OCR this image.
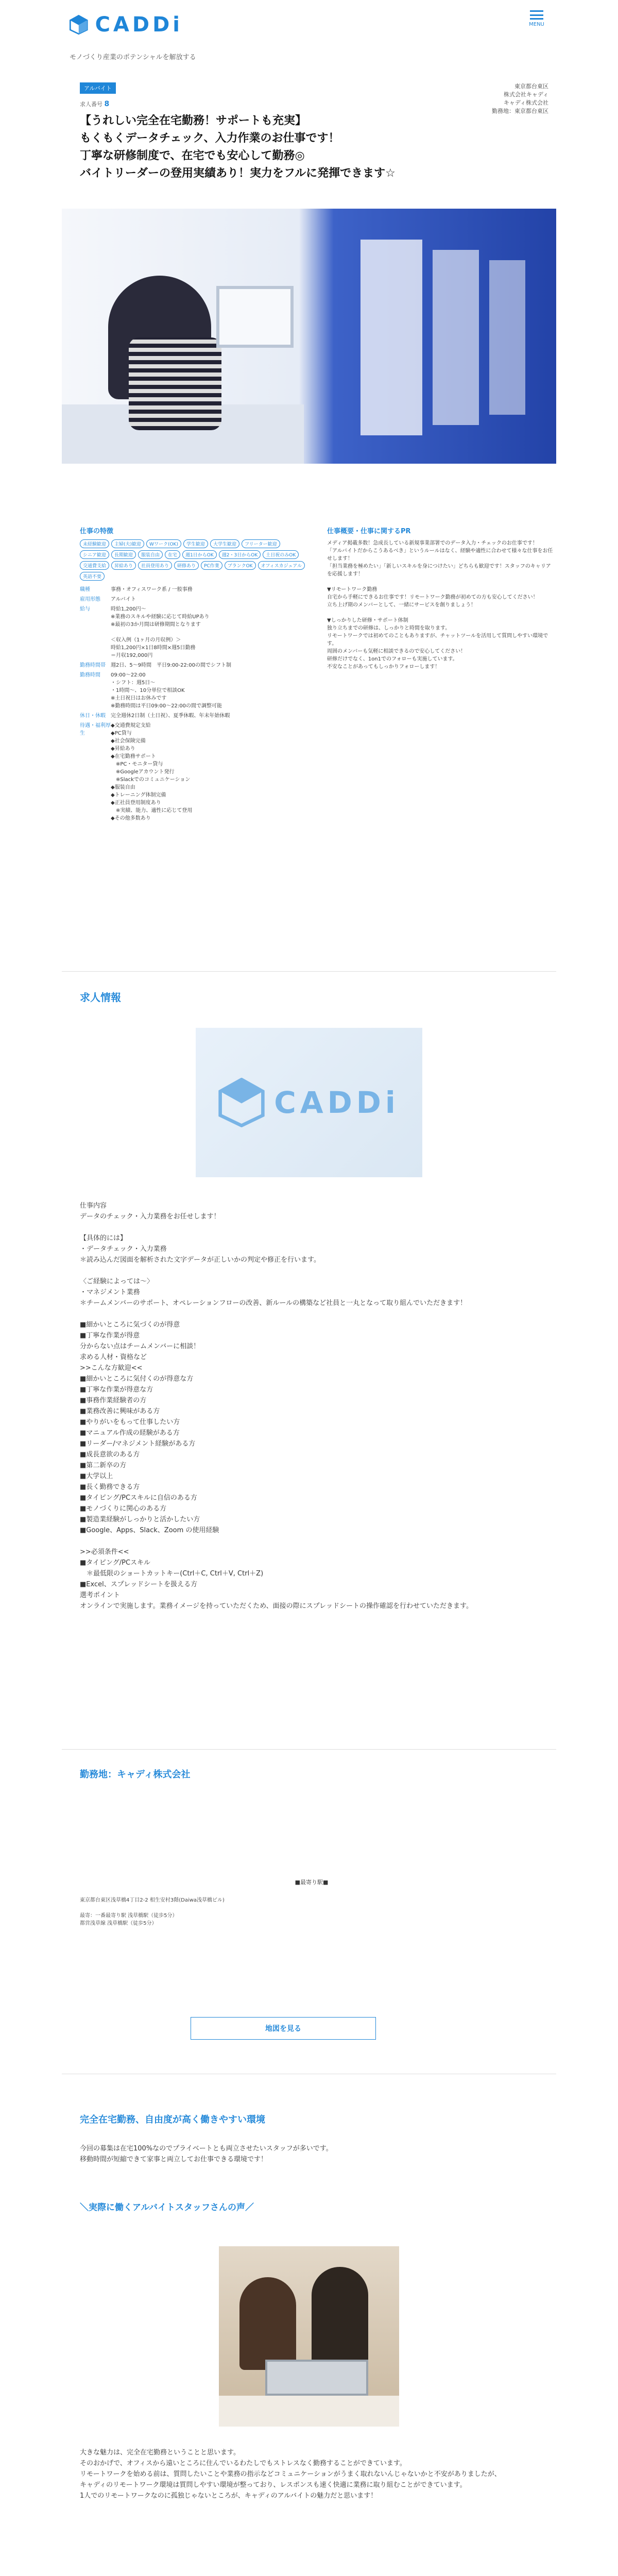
CADDi
モノづくり産業のポテンシャルを解放する
MENU
アルバイト
求人番号 8
東京都台東区
株式会社キャディ
キャディ株式会社
勤務地：東京都台東区
【うれしい完全在宅勤務！サポートも充実】
もくもくデータチェック、入力作業のお仕事です！
丁寧な研修制度で、在宅でも安心して勤務◎
バイトリーダーの登用実績あり！実力をフルに発揮できます☆
仕事の特徴
未経験歓迎	主婦(夫)歓迎	Wワーク(OK)	学生歓迎	大学生歓迎	フリーター歓迎
シニア歓迎	長期歓迎	服装自由	在宅	週1日からOK	週2・3日からOK	土日祝のみOK
交通費支給	昇給あり	社員登用あり	研修あり	PC作業	ブランクOK	オフィスカジュアル
英語不要
職種	事務・オフィスワーク系 / 一般事務
雇用形態	アルバイト
給与	時給1,200円〜
※業務のスキルや経験に応じて時給UPあり
※最初の3か月間は研修期間となります

＜収入例（1ヶ月の月収例）＞
時給1,200円×1日8時間×週5日勤務
＝月収192,000円
勤務時間帯	週2日、5〜9時間　平日9:00-22:00の間でシフト制
勤務時間	09:00〜22:00
・シフト：週5日〜
・1時間〜、10分単位で相談OK
※土日祝日はお休みです
※勤務時間は平日09:00〜22:00の間で調整可能
休日・休暇	完全週休2日制（土日祝）、夏季休暇、年末年始休暇
待遇・福利厚生
◆交通費規定支給
◆PC貸与
◆社会保険完備
◆昇給あり
◆在宅勤務サポート
　※PC・モニター貸与
　※Googleアカウント発行
　※Slackでのコミュニケーション
◆服装自由
◆トレーニング体制完備
◆正社員登用制度あり
　※実績、能力、適性に応じて登用
◆その他多数あり
仕事概要・仕事に関するPR
メディア掲載多数！急成長している新規事業部署でのデータ入力・チェックのお仕事です！
「アルバイトだからこうあるべき」というルールはなく、経験や適性に合わせて様々な仕事をお任せします！
「担当業務を極めたい」「新しいスキルを身につけたい」どちらも歓迎です！スタッフのキャリアを応援します！

▼リモートワーク勤務
自宅から手軽にできるお仕事です！リモートワーク勤務が初めての方も安心してください！
立ち上げ期のメンバーとして、一緒にサービスを創りましょう！

▼しっかりした研修・サポート体制
独り立ちまでの研修は、しっかりと時間を取ります。
リモートワークでは初めてのこともありますが、チャットツールを活用して質問しやすい環境です。
周囲のメンバーも気軽に相談できるので安心してください！
研修だけでなく、1on1でのフォローも実施しています。
不安なことがあってもしっかりフォローします！
求人情報
CADDi
仕事内容
データのチェック・入力業務をお任せします！

【具体的には】
・データチェック・入力業務
＊読み込んだ図面を解析された文字データが正しいかの判定や修正を行います。

〈ご経験によっては〜〉
・マネジメント業務
＊チームメンバーのサポート、オペレーションフローの改善、新ルールの構築など社員と一丸となって取り組んでいただきます！

■細かいところに気づくのが得意
■丁寧な作業が得意
分からない点はチームメンバーに相談！
求める人材・資格など
>>こんな方歓迎<<
■細かいところに気付くのが得意な方
■丁寧な作業が得意な方
■事務作業経験者の方
■業務改善に興味がある方
■やりがいをもって仕事したい方
■マニュアル作成の経験がある方
■リーダー/マネジメント経験がある方
■成長意欲のある方
■第二新卒の方
■大学以上
■長く勤務できる方
■タイピング/PCスキルに自信のある方
■モノづくりに関心のある方
■製造業経験がしっかりと活かしたい方
■Google、Apps、Slack、Zoom の使用経験

>>必須条件<<
■タイピング/PCスキル
　＊最低限のショートカットキー(Ctrl＋C, Ctrl＋V, Ctrl＋Z)
■Excel、スプレッドシートを扱える方
選考ポイント
オンラインで実施します。業務イメージを持っていただくため、面接の際にスプレッドシートの操作確認を行わせていただきます。
勤務地：キャディ株式会社
■最寄り駅■
東京都台東区浅草橋4丁目2-2 相生安村3階(Daiwa浅草橋ビル)

最寄：一番最寄り駅 浅草橋駅（徒歩5分）
都営浅草線 浅草橋駅（徒歩5分）
地図を見る
完全在宅勤務、自由度が高く働きやすい環境
今回の募集は在宅100%なのでプライベートとも両立させたいスタッフが多いです。
移動時間が短縮できて家事と両立してお仕事できる環境です！
＼実際に働くアルバイトスタッフさんの声／
大きな魅力は、完全在宅勤務ということと思います。
そのおかげで、オフィスから遠いところに住んでいるわたしでもストレスなく勤務することができています。
リモートワークを始める前は、質問したいことや業務の指示などコミュニケーションがうまく取れないんじゃないかと不安がありましたが、
キャディのリモートワーク環境は質問しやすい環境が整っており、レスポンスも速く快適に業務に取り組むことができています。
1人でのリモートワークなのに孤独じゃないところが、キャディのアルバイトの魅力だと思います！
